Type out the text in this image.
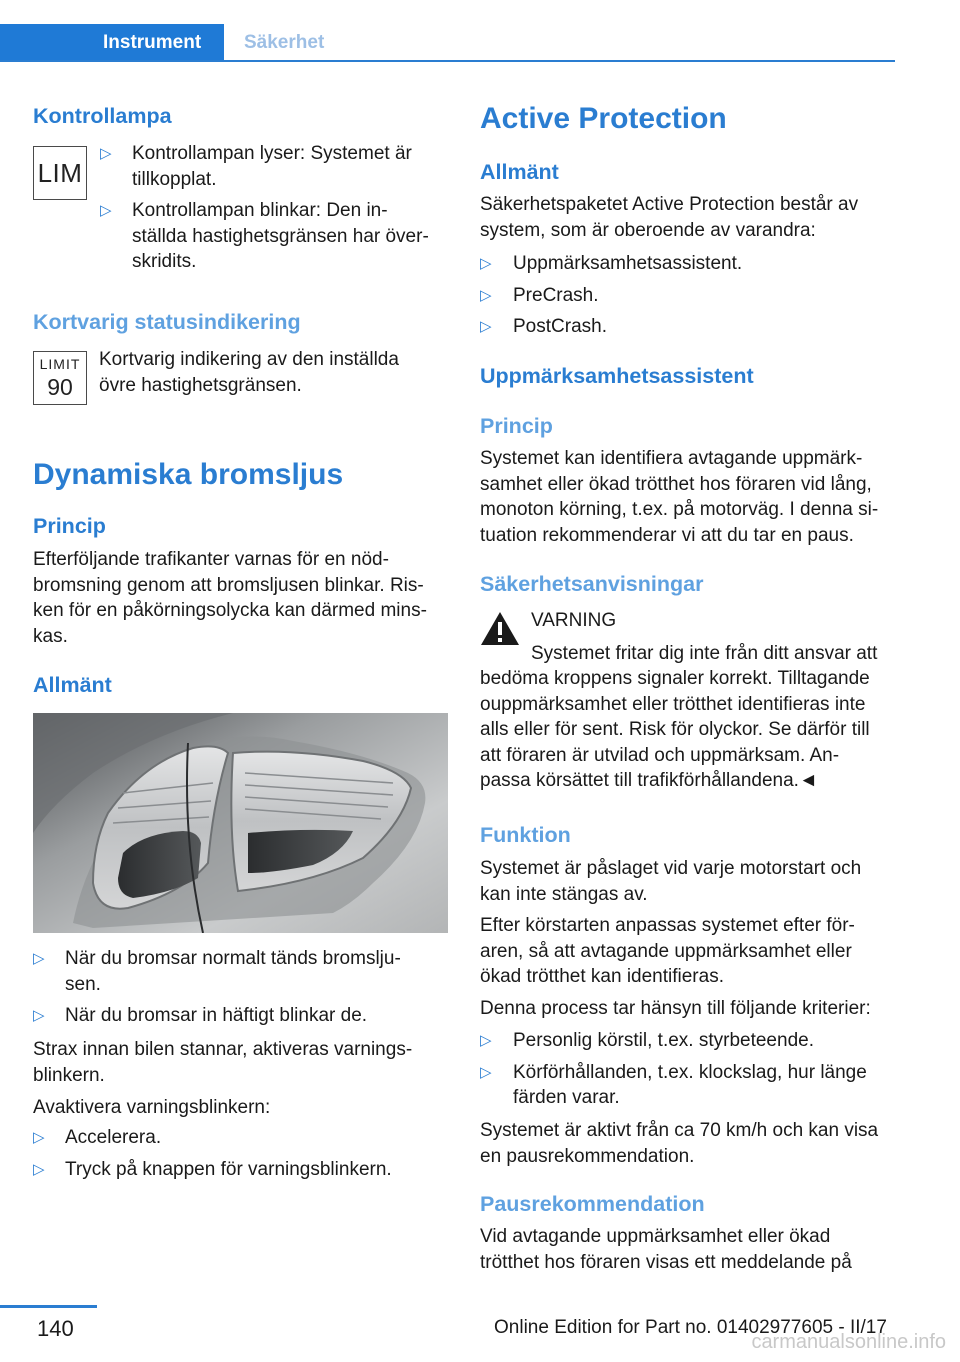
Instrument	Säkerhet
Kontrollampa
LIM
▷ Kontrollampan lyser: Systemet är
tillkopplat.
▷ Kontrollampan blinkar: Den in‐
ställda hastighetsgränsen har över‐
skridits.
Kortvarig statusindikering
LIMIT
90
Kortvarig indikering av den inställda
övre hastighetsgränsen.
Dynamiska bromsljus
Princip
Efterföljande trafikanter varnas för en nöd‐
bromsning genom att bromsljusen blinkar. Ris‐
ken för en påkörningsolycka kan därmed mins‐
kas.
Allmänt
▷ När du bromsar normalt tänds bromslju‐
sen.
▷ När du bromsar in häftigt blinkar de.
Strax innan bilen stannar, aktiveras varnings‐
blinkern.
Avaktivera varningsblinkern:
▷ Accelerera.
▷ Tryck på knappen för varningsblinkern.
Active Protection
Allmänt
Säkerhetspaketet Active Protection består av
system, som är oberoende av varandra:
▷ Uppmärksamhetsassistent.
▷ PreCrash.
▷ PostCrash.
Uppmärksamhetsassistent
Princip
Systemet kan identifiera avtagande uppmärk‐
samhet eller ökad trötthet hos föraren vid lång,
monoton körning, t.ex. på motorväg. I denna si‐
tuation rekommenderar vi att du tar en paus.
Säkerhetsanvisningar
VARNING
Systemet fritar dig inte från ditt ansvar att
bedöma kroppens signaler korrekt. Tilltagande
ouppmärksamhet eller trötthet identifieras inte
alls eller för sent. Risk för olyckor. Se därför till
att föraren är utvilad och uppmärksam. An‐
passa körsättet till trafikförhållandena.◄
Funktion
Systemet är påslaget vid varje motorstart och
kan inte stängas av.
Efter körstarten anpassas systemet efter för‐
aren, så att avtagande uppmärksamhet eller
ökad trötthet kan identifieras.
Denna process tar hänsyn till följande kriterier:
▷ Personlig körstil, t.ex. styrbeteende.
▷ Körförhållanden, t.ex. klockslag, hur länge
färden varar.
Systemet är aktivt från ca 70 km/h och kan visa
en pausrekommendation.
Pausrekommendation
Vid avtagande uppmärksamhet eller ökad
trötthet hos föraren visas ett meddelande på
140	Online Edition for Part no. 01402977605 - II/17
carmanualsonline.info
